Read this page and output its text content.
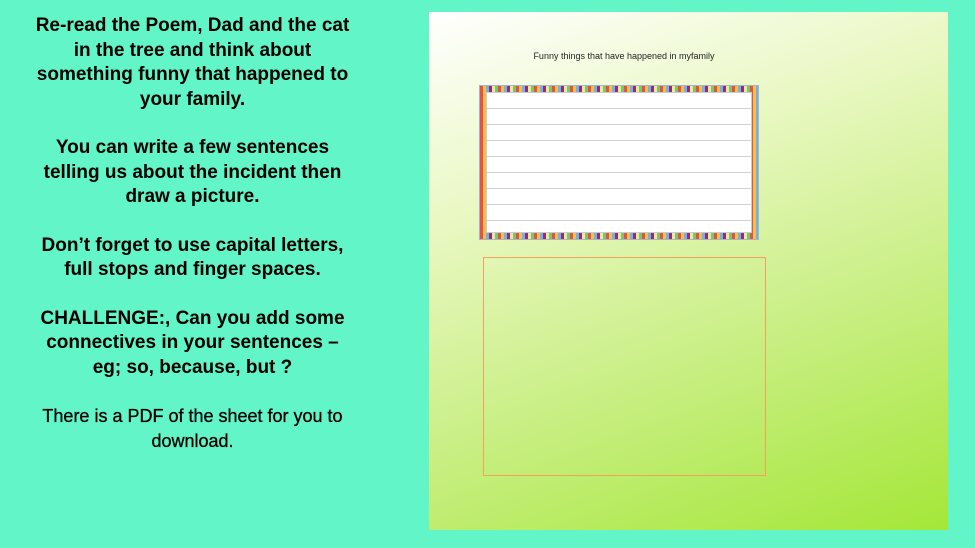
Re-read the Poem, Dad and the cat in the tree and think about something funny that happened to your family.

You can write a few sentences telling us about the incident then draw a picture.

Don’t forget to use capital letters, full stops and finger spaces.

CHALLENGE:, Can you add some connectives in your sentences – eg; so, because, but ?

There is a PDF of the sheet for you to download.

Funny things that have happened in myfamily
